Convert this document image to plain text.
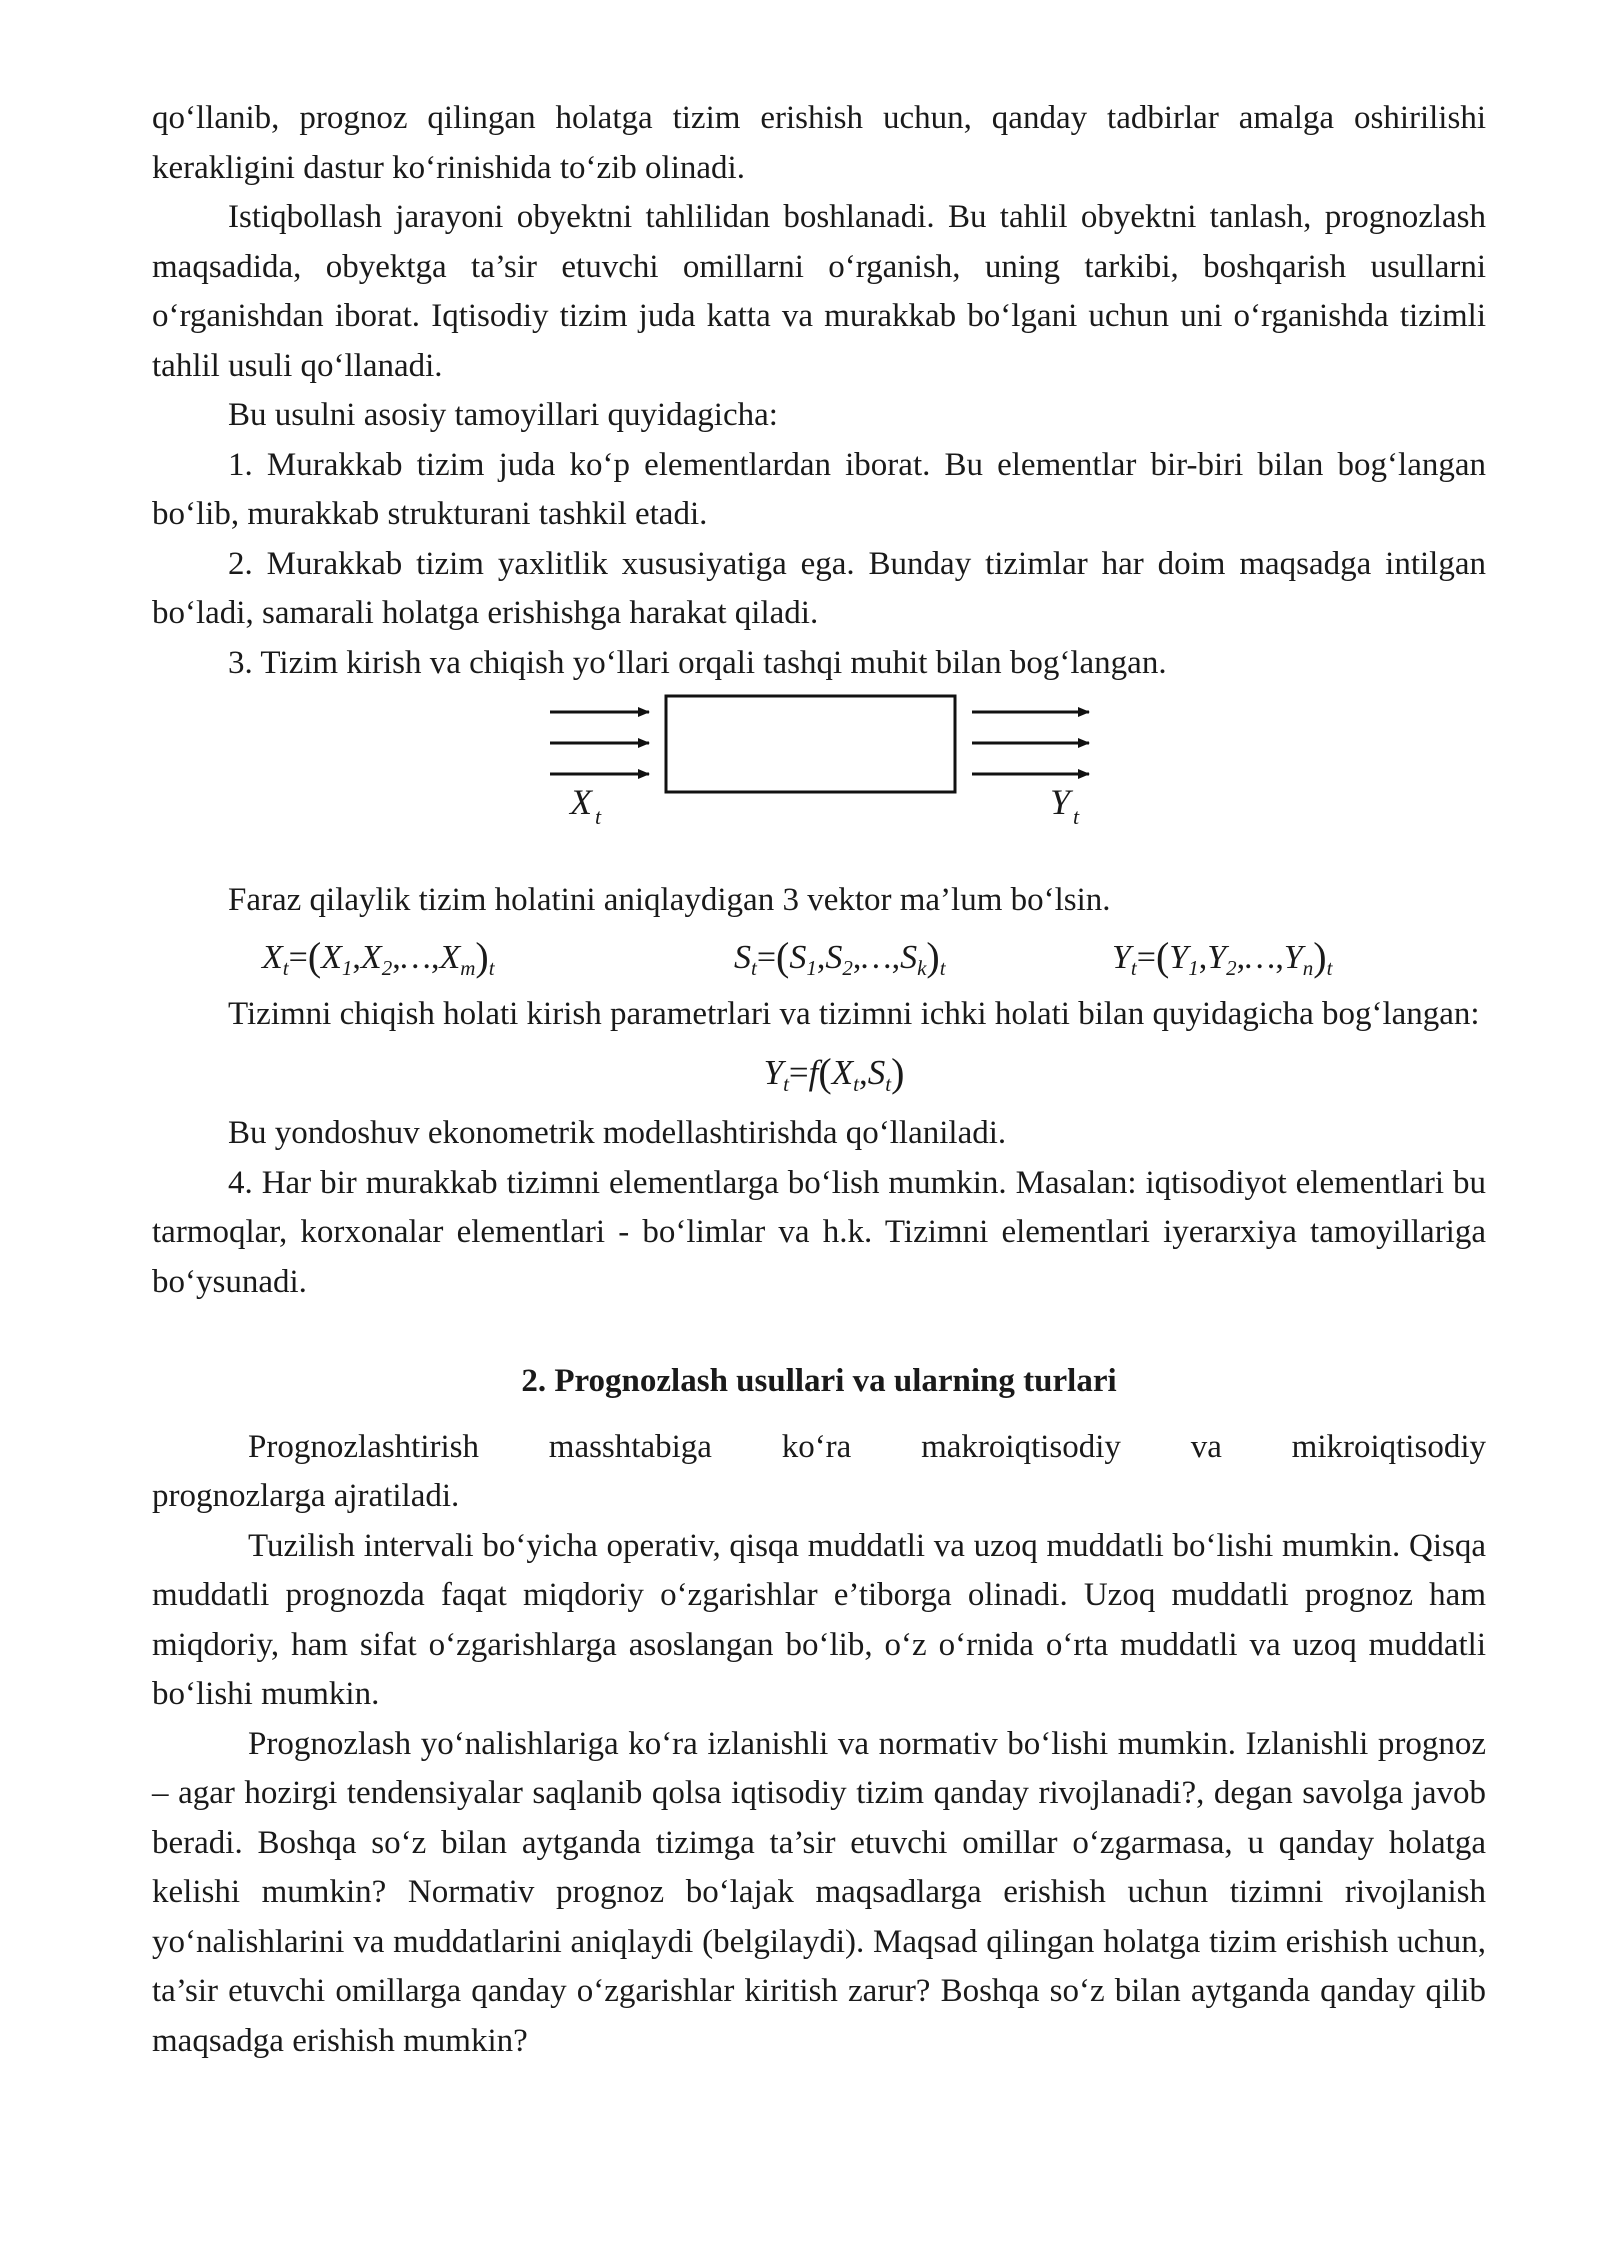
qo‘llanib, prognoz qilingan holatga tizim erishish uchun, qanday tadbirlar amalga oshirilishi kerakligini dastur ko‘rinishida to‘zib olinadi.

Istiqbollash jarayoni obyektni tahlilidan boshlanadi. Bu tahlil obyektni tanlash, prognozlash maqsadida, obyektga ta’sir etuvchi omillarni o‘rganish, uning tarkibi, boshqarish usullarni o‘rganishdan iborat. Iqtisodiy tizim juda katta va murakkab bo‘lgani uchun uni o‘rganishda tizimli tahlil usuli qo‘llanadi.

Bu usulni asosiy tamoyillari quyidagicha:

1. Murakkab tizim juda ko‘p elementlardan iborat. Bu elementlar bir-biri bilan bog‘langan bo‘lib, murakkab strukturani tashkil etadi.

2. Murakkab tizim yaxlitlik xususiyatiga ega. Bunday tizimlar har doim maqsadga intilgan bo‘ladi, samarali holatga erishishga harakat qiladi.

3. Tizim kirish va chiqish yo‘llari orqali tashqi muhit bilan bog‘langan.

X $_t$	Y $_t$

Faraz qilaylik tizim holatini aniqlaydigan 3 vektor ma’lum bo‘lsin.

$X_t=(X_1,X_2,\dots,X_m)_t$	$S_t=(S_1,S_2,\dots,S_k)_t$	$Y_t=(Y_1,Y_2,\dots,Y_n)_t$

Tizimni chiqish holati kirish parametrlari va tizimni ichki holati bilan quyidagicha bog‘langan:

$Y_t=f(X_t,S_t)$

Bu yondoshuv ekonometrik modellashtirishda qo‘llaniladi.

4. Har bir murakkab tizimni elementlarga bo‘lish mumkin. Masalan: iqtisodiyot elementlari bu tarmoqlar, korxonalar elementlari - bo‘limlar va h.k. Tizimni elementlari iyerarxiya tamoyillariga bo‘ysunadi.

2. Prognozlash usullari va ularning turlari

Prognozlashtirish masshtabiga ko‘ra makroiqtisodiy va mikroiqtisodiy

prognozlarga ajratiladi.

Tuzilish intervali bo‘yicha operativ, qisqa muddatli va uzoq muddatli bo‘lishi mumkin. Qisqa muddatli prognozda faqat miqdoriy o‘zgarishlar e’tiborga olinadi. Uzoq muddatli prognoz ham miqdoriy, ham sifat o‘zgarishlarga asoslangan bo‘lib, o‘z o‘rnida o‘rta muddatli va uzoq muddatli bo‘lishi mumkin.

Prognozlash yo‘nalishlariga ko‘ra izlanishli va normativ bo‘lishi mumkin. Izlanishli prognoz – agar hozirgi tendensiyalar saqlanib qolsa iqtisodiy tizim qanday rivojlanadi?, degan savolga javob beradi. Boshqa so‘z bilan aytganda tizimga ta’sir etuvchi omillar o‘zgarmasa, u qanday holatga kelishi mumkin? Normativ prognoz bo‘lajak maqsadlarga erishish uchun tizimni rivojlanish yo‘nalishlarini va muddatlarini aniqlaydi (belgilaydi). Maqsad qilingan holatga tizim erishish uchun, ta’sir etuvchi omillarga qanday o‘zgarishlar kiritish zarur? Boshqa so‘z bilan aytganda qanday qilib maqsadga erishish mumkin?
